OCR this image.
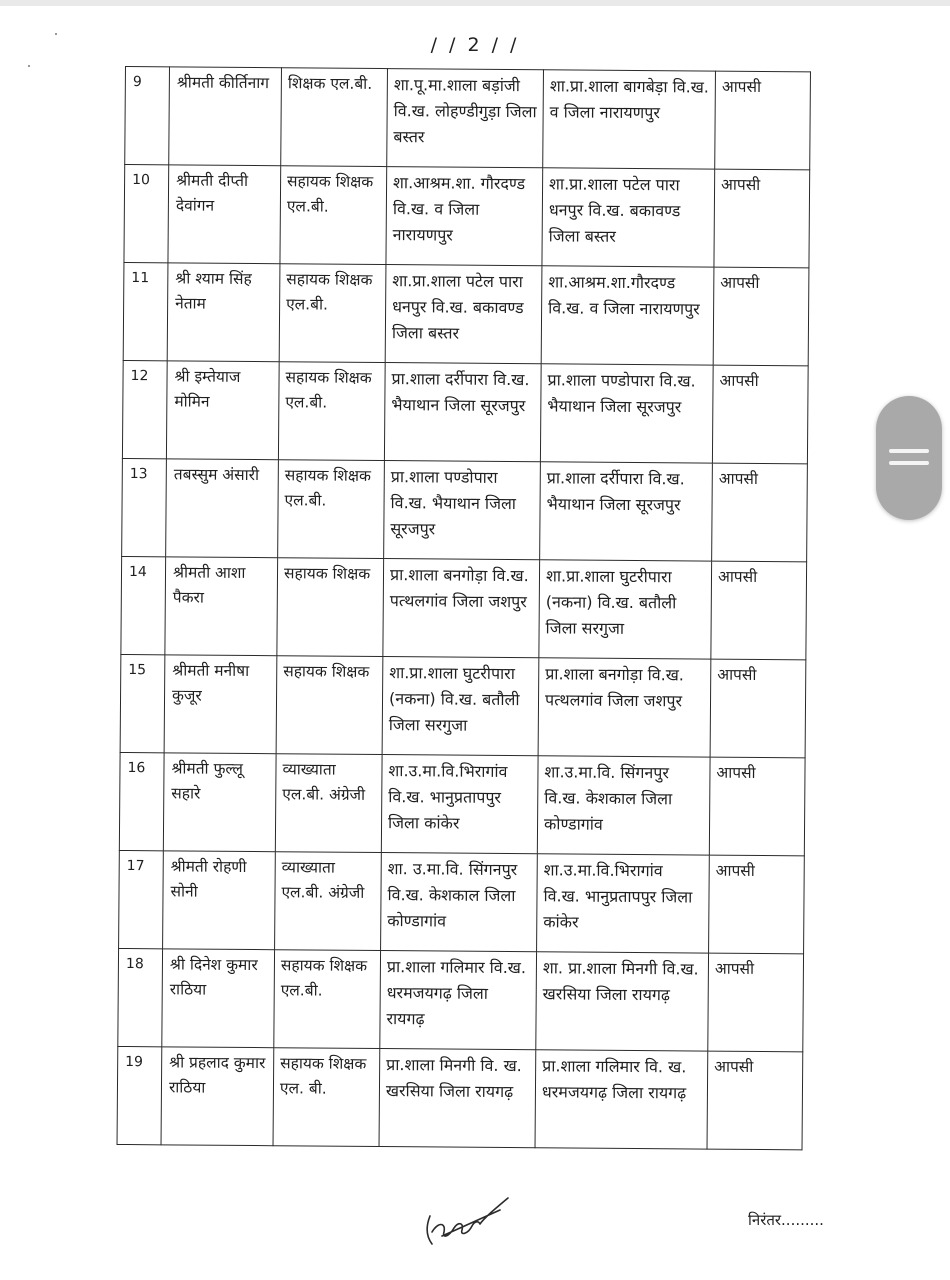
/ / 2 / /
9	श्रीमती कीर्तिनाग	शिक्षक एल.बी.	शा.पू.मा.शाला बड़ांजी वि.ख. लोहण्डीगुड़ा जिला बस्तर	शा.प्रा.शाला बागबेड़ा वि.ख. व जिला नारायणपुर	आपसी
10	श्रीमती दीप्ती देवांगन	सहायक शिक्षक एल.बी.	शा.आश्रम.शा. गौरदण्ड वि.ख. व जिला नारायणपुर	शा.प्रा.शाला पटेल पारा धनपुर वि.ख. बकावण्ड जिला बस्तर	आपसी
11	श्री श्याम सिंह नेताम	सहायक शिक्षक एल.बी.	शा.प्रा.शाला पटेल पारा धनपुर वि.ख. बकावण्ड जिला बस्तर	शा.आश्रम.शा.गौरदण्ड वि.ख. व जिला नारायणपुर	आपसी
12	श्री इम्तेयाज मोमिन	सहायक शिक्षक एल.बी.	प्रा.शाला दर्रीपारा वि.ख. भैयाथान जिला सूरजपुर	प्रा.शाला पण्डोपारा वि.ख. भैयाथान जिला सूरजपुर	आपसी
13	तबस्सुम अंसारी	सहायक शिक्षक एल.बी.	प्रा.शाला पण्डोपारा वि.ख. भैयाथान जिला सूरजपुर	प्रा.शाला दर्रीपारा वि.ख. भैयाथान जिला सूरजपुर	आपसी
14	श्रीमती आशा पैकरा	सहायक शिक्षक	प्रा.शाला बनगोड़ा वि.ख. पत्थलगांव जिला जशपुर	शा.प्रा.शाला घुटरीपारा (नकना) वि.ख. बतौली जिला सरगुजा	आपसी
15	श्रीमती मनीषा कुजूर	सहायक शिक्षक	शा.प्रा.शाला घुटरीपारा (नकना) वि.ख. बतौली जिला सरगुजा	प्रा.शाला बनगोड़ा वि.ख. पत्थलगांव जिला जशपुर	आपसी
16	श्रीमती फुल्लू सहारे	व्याख्याता एल.बी. अंग्रेजी	शा.उ.मा.वि.भिरागांव वि.ख. भानुप्रतापपुर जिला कांकेर	शा.उ.मा.वि. सिंगनपुर वि.ख. केशकाल जिला कोण्डागांव	आपसी
17	श्रीमती रोहणी सोनी	व्याख्याता एल.बी. अंग्रेजी	शा. उ.मा.वि. सिंगनपुर वि.ख. केशकाल जिला कोण्डागांव	शा.उ.मा.वि.भिरागांव वि.ख. भानुप्रतापपुर जिला कांकेर	आपसी
18	श्री दिनेश कुमार राठिया	सहायक शिक्षक एल.बी.	प्रा.शाला गलिमार वि.ख. धरमजयगढ़ जिला रायगढ़	शा. प्रा.शाला मिनगी वि.ख. खरसिया जिला रायगढ़	आपसी
19	श्री प्रहलाद कुमार राठिया	सहायक शिक्षक एल. बी.	प्रा.शाला मिनगी वि. ख. खरसिया जिला रायगढ़	प्रा.शाला गलिमार वि. ख. धरमजयगढ़ जिला रायगढ़	आपसी
निरंतर.........
